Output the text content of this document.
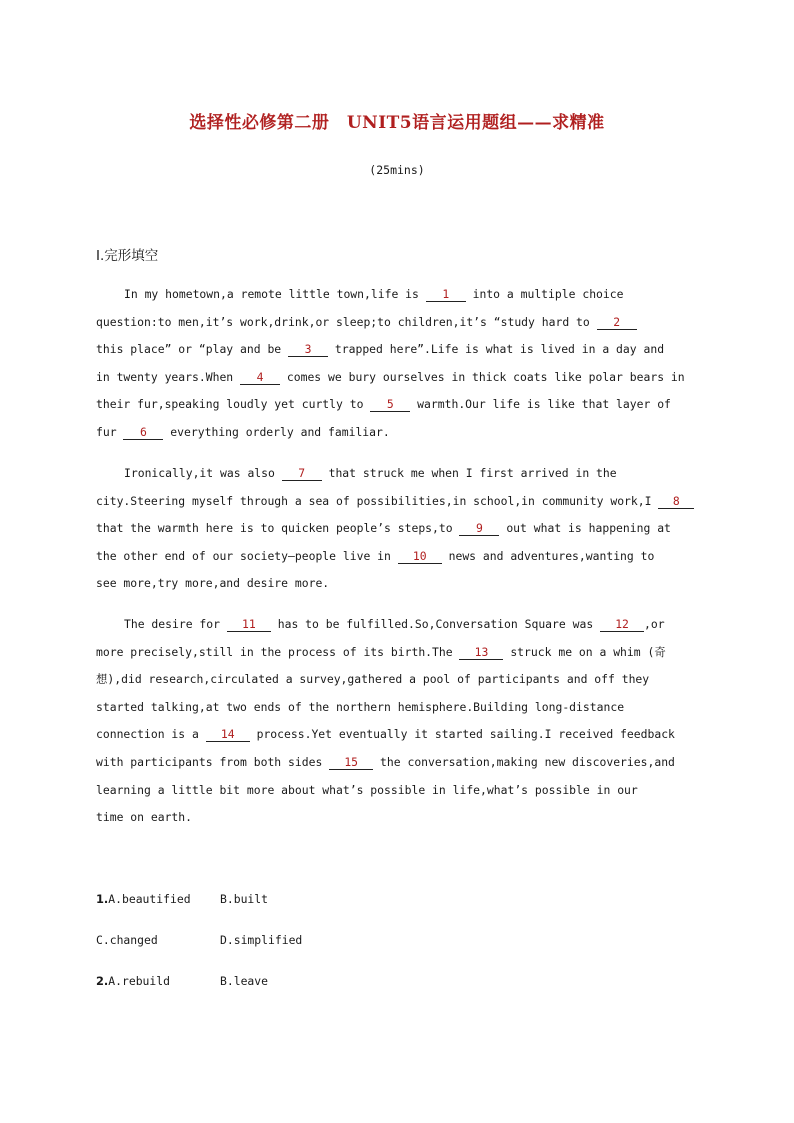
选择性必修第二册　UNIT5语言运用题组——求精准
(25mins)
Ⅰ.完形填空
In my hometown,a remote little town,life is 1 into a multiple choice
question:to men,it’s work,drink,or sleep;to children,it’s “study hard to 2
this place” or “play and be 3 trapped here”.Life is what is lived in a day and
in twenty years.When 4 comes we bury ourselves in thick coats like polar bears in
their fur,speaking loudly yet curtly to 5 warmth.Our life is like that layer of
fur 6 everything orderly and familiar.
Ironically,it was also 7 that struck me when I first arrived in the
city.Steering myself through a sea of possibilities,in school,in community work,I 8
that the warmth here is to quicken people’s steps,to 9 out what is happening at
the other end of our society—people live in 10 news and adventures,wanting to
see more,try more,and desire more.
The desire for 11 has to be fulfilled.So,Conversation Square was 12 ,or
more precisely,still in the process of its birth.The 13 struck me on a whim (奇
想),did research,circulated a survey,gathered a pool of participants and off they
started talking,at two ends of the northern hemisphere.Building long-distance
connection is a 14 process.Yet eventually it started sailing.I received feedback
with participants from both sides 15 the conversation,making new discoveries,and
learning a little bit more about what’s possible in life,what’s possible in our
time on earth.
1.A.beautified	B.built
C.changed	D.simplified
2.A.rebuild	B.leave
